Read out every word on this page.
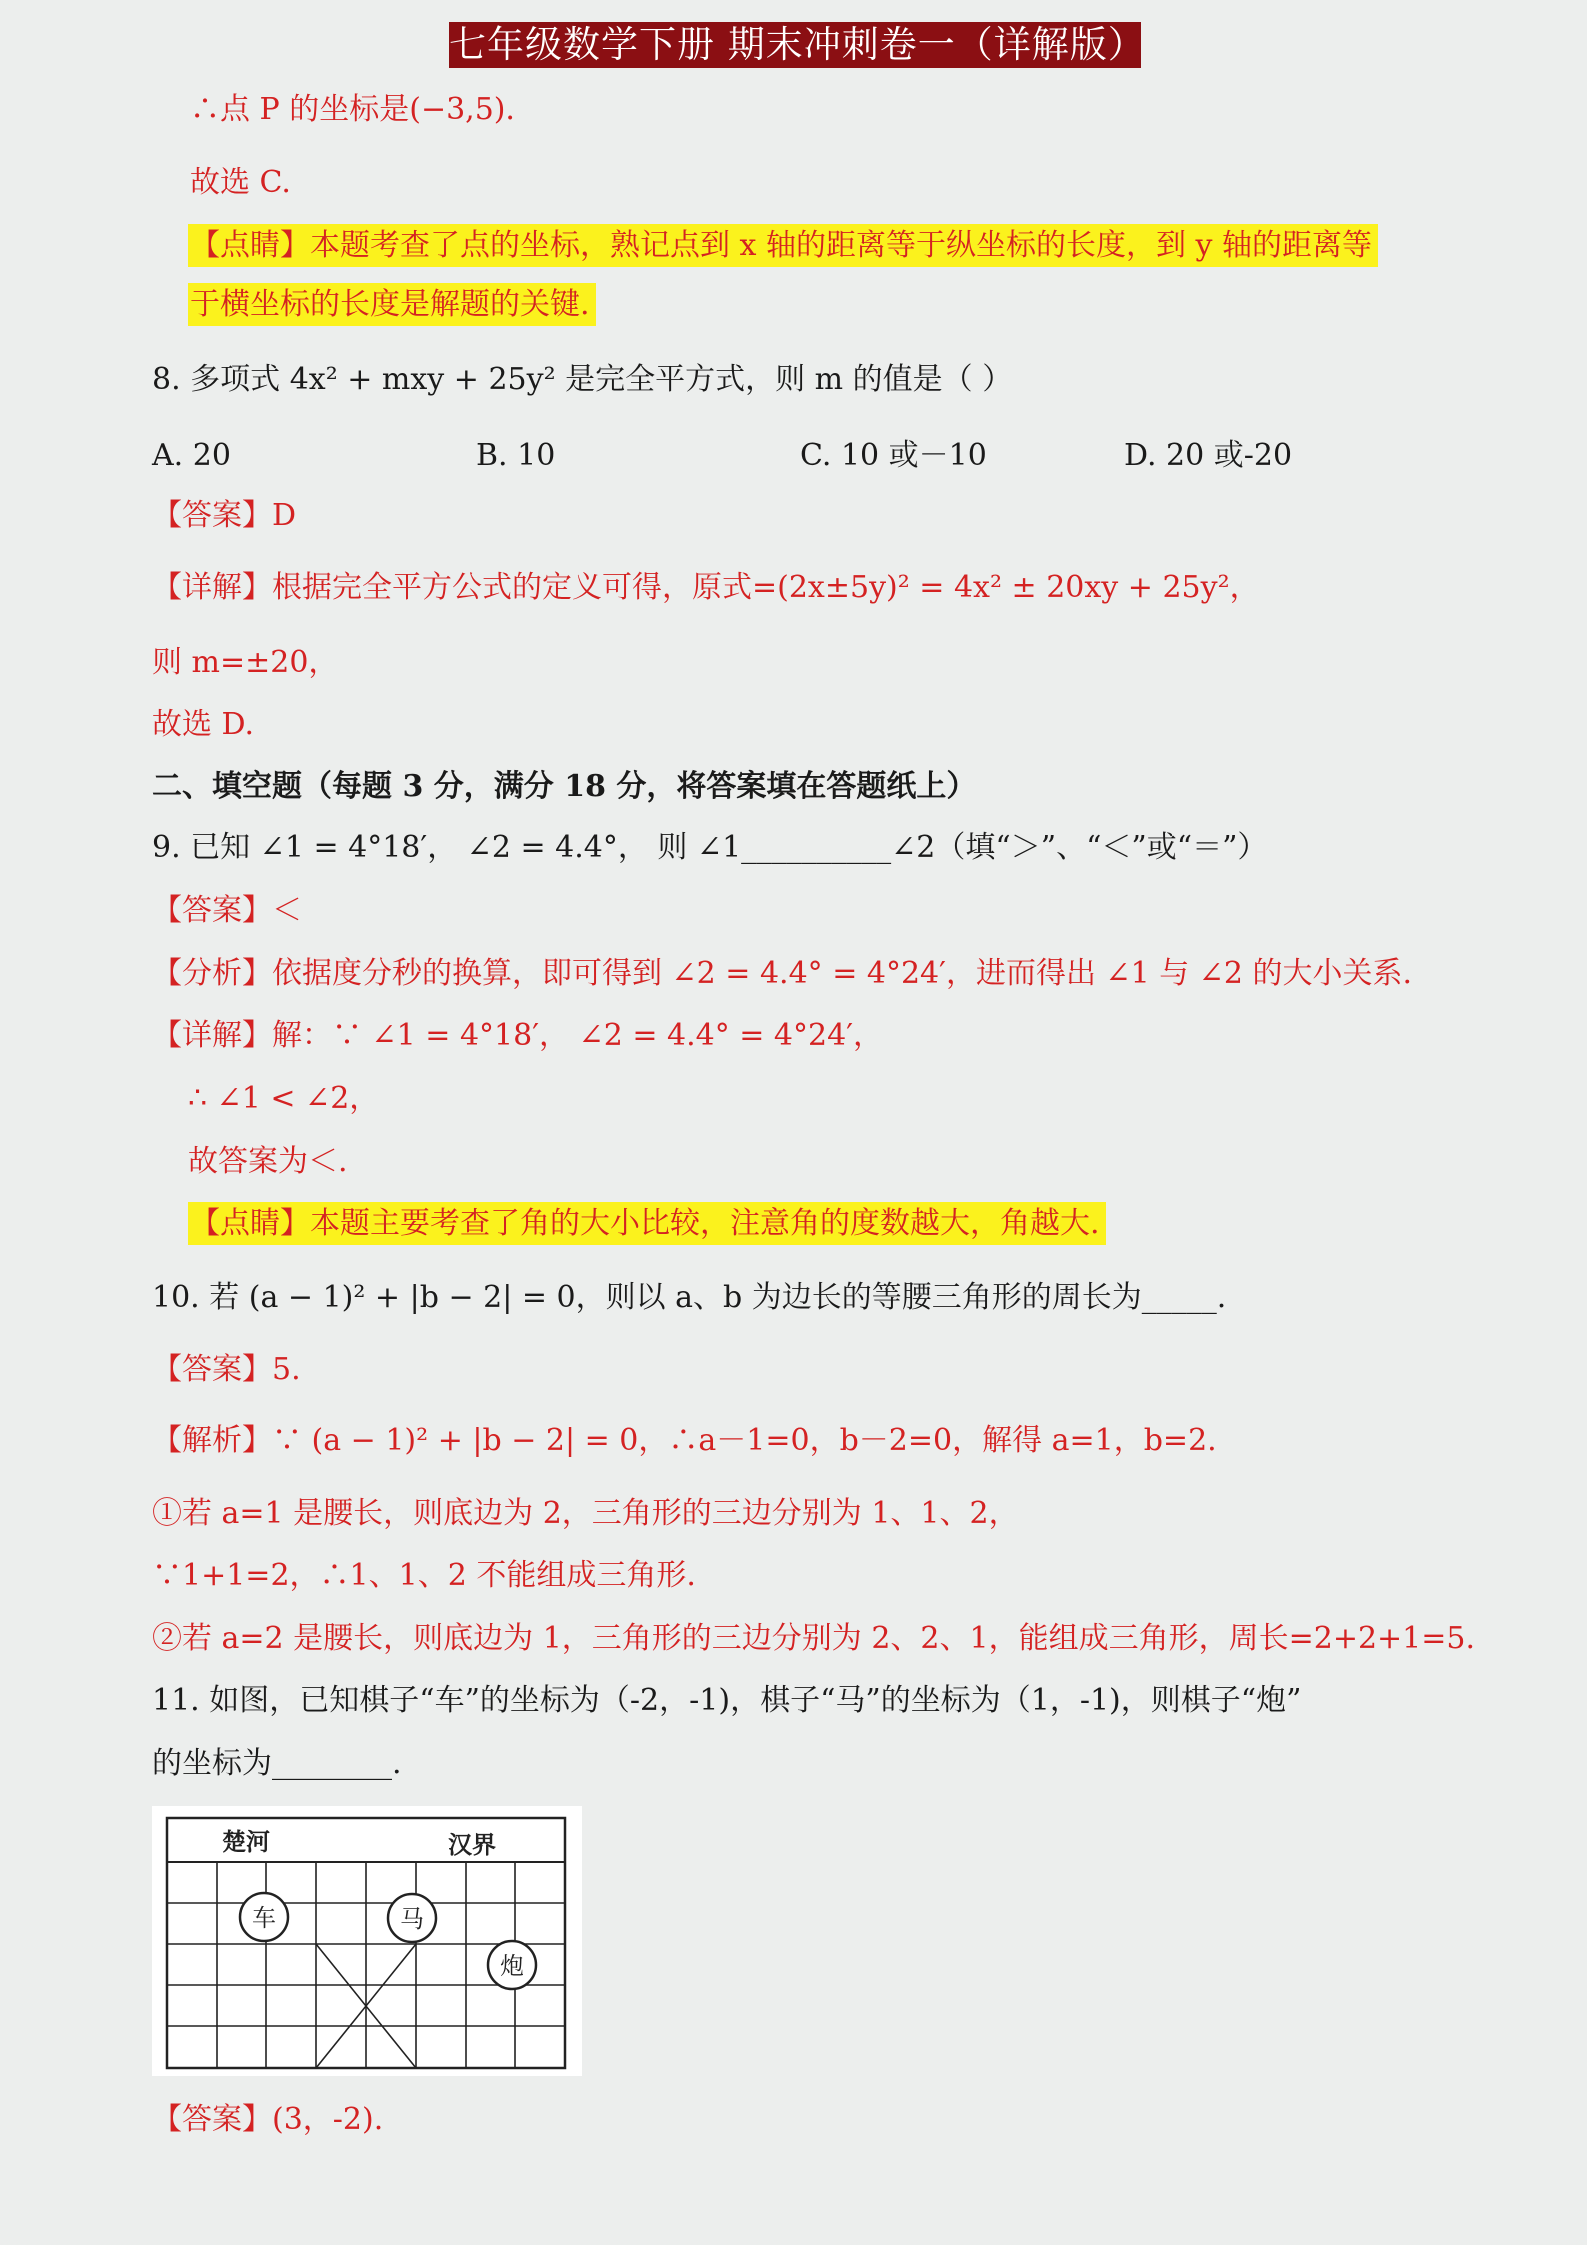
七年级数学下册 期末冲刺卷一（详解版）
∴点 P 的坐标是(−3,5)．
故选 C.
【点睛】本题考查了点的坐标，熟记点到 x 轴的距离等于纵坐标的长度，到 y 轴的距离等
于横坐标的长度是解题的关键.
8. 多项式 4x² + mxy + 25y² 是完全平方式，则 m 的值是（ ）
A. 20	B. 10	C. 10 或－10	D. 20 或-20
【答案】D
【详解】根据完全平方公式的定义可得，原式=(2x±5y)² = 4x² ± 20xy + 25y²，
则 m=±20，
故选 D.
二、填空题（每题 3 分，满分 18 分，将答案填在答题纸上）
9. 已知 ∠1 = 4°18′， ∠2 = 4.4°， 则 ∠1__________∠2（填“＞”、“＜”或“＝”）
【答案】＜
【分析】依据度分秒的换算，即可得到 ∠2 = 4.4° = 4°24′，进而得出 ∠1 与 ∠2 的大小关系.
【详解】解：∵ ∠1 = 4°18′， ∠2 = 4.4° = 4°24′，
∴ ∠1 < ∠2，
故答案为＜.
【点睛】本题主要考查了角的大小比较，注意角的度数越大，角越大.
10. 若 (a − 1)² + |b − 2| = 0，则以 a、b 为边长的等腰三角形的周长为_____.
【答案】5.
【解析】∵ (a − 1)² + |b − 2| = 0，∴a－1=0，b－2=0，解得 a=1，b=2.
①若 a=1 是腰长，则底边为 2，三角形的三边分别为 1、1、2，
∵1+1=2，∴1、1、2 不能组成三角形.
②若 a=2 是腰长，则底边为 1，三角形的三边分别为 2、2、1，能组成三角形，周长=2+2+1=5.
11. 如图，已知棋子“车”的坐标为（-2，-1)，棋子“马”的坐标为（1，-1)，则棋子“炮”
的坐标为________.
楚河	汉界
车	马
炮
【答案】(3，-2).
